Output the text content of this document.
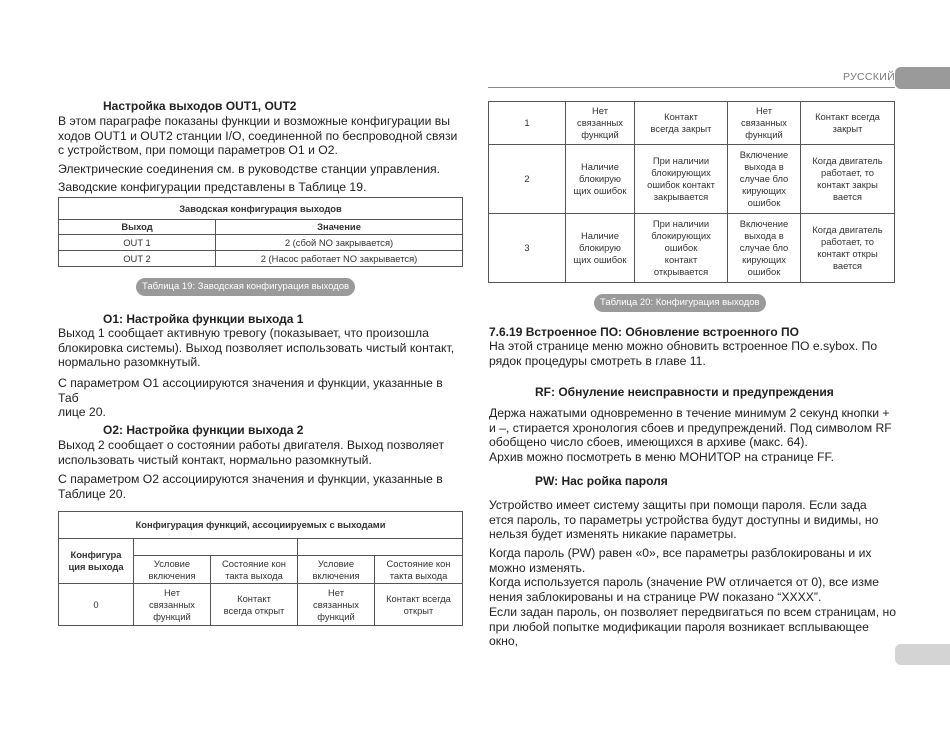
РУССКИЙ
Настройка выходов OUT1, OUT2
В этом параграфе показаны функции и возможные конфигурации вы
ходов OUT1 и OUT2 станции I/O, соединенной по беспроводной связи
с устройством, при помощи параметров O1 и O2.
Электрические соединения см. в руководстве станции управления.
Заводские конфигурации представлены в Таблице 19.
Заводская конфигурация выходов	
Выход	Значение
OUT 1	2 (сбой NO закрывается)
OUT 2	2 (Насос работает NO закрывается)
Таблица 19: Заводская конфигурация выходов
O1: Настройка функции выхода 1
Выход 1 сообщает активную тревогу (показывает, что произошла
блокировка системы). Выход позволяет использовать чистый контакт,
нормально разомкнутый.
С параметром O1 ассоциируются значения и функции, указанные в Таб
лице 20.
O2: Настройка функции выхода 2
Выход 2 сообщает о состоянии работы двигателя. Выход позволяет
использовать чистый контакт, нормально разомкнутый.
С параметром O2 ассоциируются значения и функции, указанные в
Таблице 20.
Конфигурация функций, ассоциируемых с выходами				
Конфигура
ция выхода				
	Условие
включения	Состояние кон
такта выхода	Условие
включения	Состояние кон
такта выхода
0	Нет
связанных
функций	Контакт
всегда открыт	Нет
связанных
функций	Контакт всегда
открыт
1	Нет
связанных
функций	Контакт
всегда закрыт	Нет
связанных
функций	Контакт всегда
закрыт
2	Наличие
блокирую
щих ошибок	При наличии
блокирующих
ошибок контакт
закрывается	Включение
выхода в
случае бло
кирующих
ошибок	Когда двигатель
работает, то
контакт закры
вается
3	Наличие
блокирую
щих ошибок	При наличии
блокирующих
ошибок
контакт
открывается	Включение
выхода в
случае бло
кирующих
ошибок	Когда двигатель
работает, то
контакт откры
вается
Таблица 20: Конфигурация выходов
7.6.19 Встроенное ПО: Обновление встроенного ПО
На этой странице меню можно обновить встроенное ПО e.sybox. По
рядок процедуры смотреть в главе 11.
RF: Обнуление неисправности и предупреждения
Держа нажатыми одновременно в течение минимум 2 секунд кнопки +
и –, стирается хронология сбоев и предупреждений. Под символом RF
обобщено число сбоев, имеющихся в архиве (макс. 64).
Архив можно посмотреть в меню МОНИТОР на странице FF.
PW: Нас ройка пароля
Устройство имеет систему защиты при помощи пароля. Если зада
ется пароль, то параметры устройства будут доступны и видимы, но
нельзя будет изменять никакие параметры.
Когда пароль (PW) равен «0», все параметры разблокированы и их
можно изменять.
Когда используется пароль (значение PW отличается от 0), все изме
нения заблокированы и на странице PW показано “XXXX”.
Если задан пароль, он позволяет передвигаться по всем страницам, но
при любой попытке модификации пароля возникает всплывающее окно,
